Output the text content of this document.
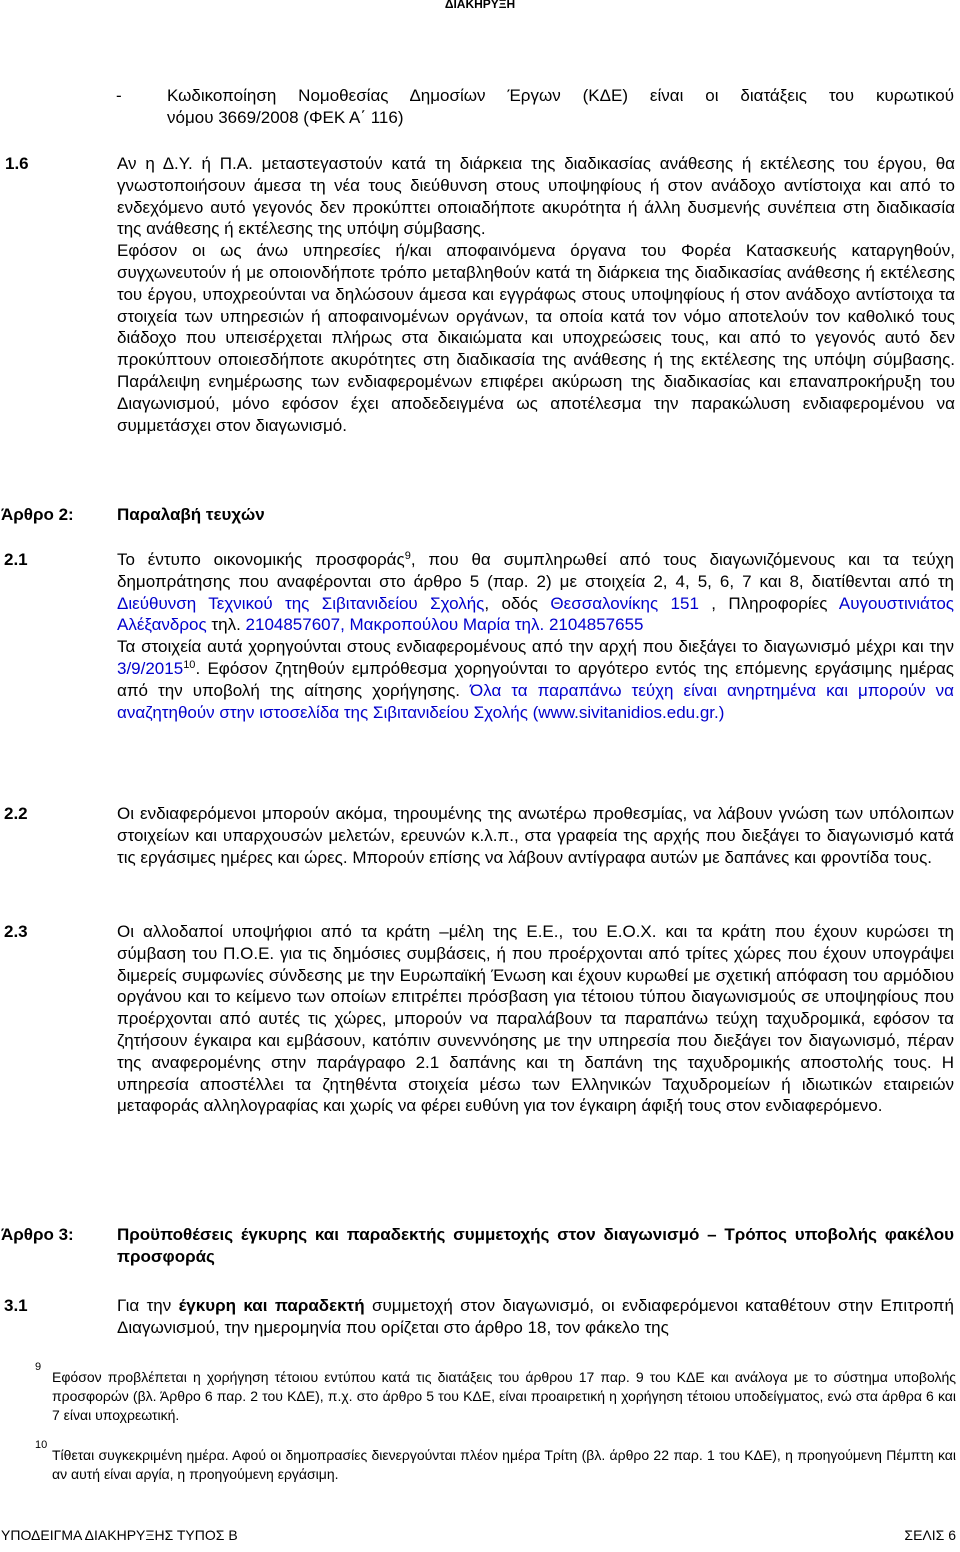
ΔΙΑΚΗΡΥΞΗ
-	Κωδικοποίηση Νομοθεσίας Δημοσίων Έργων (ΚΔΕ) είναι οι διατάξεις του κυρωτικού
νόμου 3669/2008 (ΦΕΚ Α΄ 116)
1.6	Αν η Δ.Υ. ή Π.Α. μεταστεγαστούν κατά τη διάρκεια της διαδικασίας ανάθεσης ή εκτέλεσης του έργου, θα γνωστοποιήσουν άμεσα τη νέα τους διεύθυνση στους υποψηφίους ή στον ανάδοχο αντίστοιχα και από το ενδεχόμενο αυτό γεγονός δεν προκύπτει οποιαδήποτε ακυρότητα ή άλλη δυσμενής συνέπεια στη διαδικασία της ανάθεσης ή εκτέλεσης της υπόψη σύμβασης.

Εφόσον οι ως άνω υπηρεσίες ή/και αποφαινόμενα όργανα του Φορέα Κατασκευής καταργηθούν, συγχωνευτούν ή με οποιονδήποτε τρόπο μεταβληθούν κατά τη διάρκεια της διαδικασίας ανάθεσης ή εκτέλεσης του έργου, υποχρεούνται να δηλώσουν άμεσα και εγγράφως στους υποψηφίους ή στον ανάδοχο αντίστοιχα τα στοιχεία των υπηρεσιών ή αποφαινομένων οργάνων, τα οποία κατά τον νόμο αποτελούν τον καθολικό τους διάδοχο που υπεισέρχεται πλήρως στα δικαιώματα και υποχρεώσεις τους, και από το γεγονός αυτό δεν προκύπτουν οποιεσδήποτε ακυρότητες στη διαδικασία της ανάθεσης ή της εκτέλεσης της υπόψη σύμβασης. Παράλειψη ενημέρωσης των ενδιαφερομένων επιφέρει ακύρωση της διαδικασίας και επαναπροκήρυξη του Διαγωνισμού, μόνο εφόσον έχει αποδεδειγμένα ως αποτέλεσμα την παρακώλυση ενδιαφερομένου να συμμετάσχει στον διαγωνισμό.

Άρθρο 2:	Παραλαβή τευχών
2.1	Το έντυπο οικονομικής προσφοράς$^9$, που θα συμπληρωθεί από τους διαγωνιζόμενους και τα τεύχη δημοπράτησης που αναφέρονται στο άρθρο 5 (παρ. 2) με στοιχεία 2, 4, 5, 6, 7 και 8, διατίθενται από τη Διεύθυνση Τεχνικού της Σιβιτανιδείου Σχολής, οδός Θεσσαλονίκης 151 , Πληροφορίες Αυγουστινιάτος Αλέξανδρος τηλ. 2104857607, Μακροπούλου Μαρία τηλ. 2104857655

Τα στοιχεία αυτά χορηγούνται στους ενδιαφερομένους από την αρχή που διεξάγει το διαγωνισμό μέχρι και την 3/9/2015$^{10}$. Εφόσον ζητηθούν εμπρόθεσμα χορηγούνται το αργότερο εντός της επόμενης εργάσιμης ημέρας από την υποβολή της αίτησης χορήγησης. Όλα τα παραπάνω τεύχη είναι ανηρτημένα και μπορούν να αναζητηθούν στην ιστοσελίδα της Σιβιτανιδείου Σχολής (www.sivitanidios.edu.gr.)

2.2	Οι ενδιαφερόμενοι μπορούν ακόμα, τηρουμένης της ανωτέρω προθεσμίας, να λάβουν γνώση των υπόλοιπων στοιχείων και υπαρχουσών μελετών, ερευνών κ.λ.π., στα γραφεία της αρχής που διεξάγει το διαγωνισμό κατά τις εργάσιμες ημέρες και ώρες. Μπορούν επίσης να λάβουν αντίγραφα αυτών με δαπάνες και φροντίδα τους.

2.3	Οι αλλοδαποί υποψήφιοι από τα κράτη –μέλη της Ε.Ε., του Ε.Ο.Χ. και τα κράτη που έχουν κυρώσει τη σύμβαση του Π.Ο.Ε. για τις δημόσιες συμβάσεις, ή που προέρχονται από τρίτες χώρες που έχουν υπογράψει διμερείς συμφωνίες σύνδεσης με την Ευρωπαϊκή Ένωση και έχουν κυρωθεί με σχετική απόφαση του αρμόδιου οργάνου και το κείμενο των οποίων επιτρέπει πρόσβαση για τέτοιου τύπου διαγωνισμούς σε υποψηφίους που προέρχονται από αυτές τις χώρες, μπορούν να παραλάβουν τα παραπάνω τεύχη ταχυδρομικά, εφόσον τα ζητήσουν έγκαιρα και εμβάσουν, κατόπιν συνεννόησης με την υπηρεσία που διεξάγει τον διαγωνισμό, πέραν της αναφερομένης στην παράγραφο 2.1 δαπάνης και τη δαπάνη της ταχυδρομικής αποστολής τους. Η υπηρεσία αποστέλλει τα ζητηθέντα στοιχεία μέσω των Ελληνικών Ταχυδρομείων ή ιδιωτικών εταιρειών μεταφοράς αλληλογραφίας και χωρίς να φέρει ευθύνη για τον έγκαιρη άφιξή τους στον ενδιαφερόμενο.

Άρθρο 3:	Προϋποθέσεις έγκυρης και παραδεκτής συμμετοχής στον διαγωνισμό – Τρόπος υποβολής φακέλου προσφοράς
3.1	Για την έγκυρη και παραδεκτή συμμετοχή στον διαγωνισμό, οι ενδιαφερόμενοι καταθέτουν στην Επιτροπή Διαγωνισμού, την ημερομηνία που ορίζεται στο άρθρο 18, τον φάκελο της

9
Εφόσον προβλέπεται η χορήγηση τέτοιου εντύπου κατά τις διατάξεις του άρθρου 17 παρ. 9 του ΚΔΕ και ανάλογα με το σύστημα υποβολής προσφορών (βλ. Άρθρο 6 παρ. 2 του ΚΔΕ), π.χ. στο άρθρο 5 του ΚΔΕ, είναι προαιρετική η χορήγηση τέτοιου υποδείγματος, ενώ στα άρθρα 6 και 7 είναι υποχρεωτική.
10
Τίθεται συγκεκριμένη ημέρα. Αφού οι δημοπρασίες διενεργούνται πλέον ημέρα Τρίτη (βλ. άρθρο 22 παρ. 1 του ΚΔΕ), η προηγούμενη Πέμπτη και αν αυτή είναι αργία, η προηγούμενη εργάσιμη.
ΥΠΟΔΕΙΓΜΑ ΔΙΑΚΗΡΥΞΗΣ ΤΥΠΟΣ Β	ΣΕΛΙΣ 6
